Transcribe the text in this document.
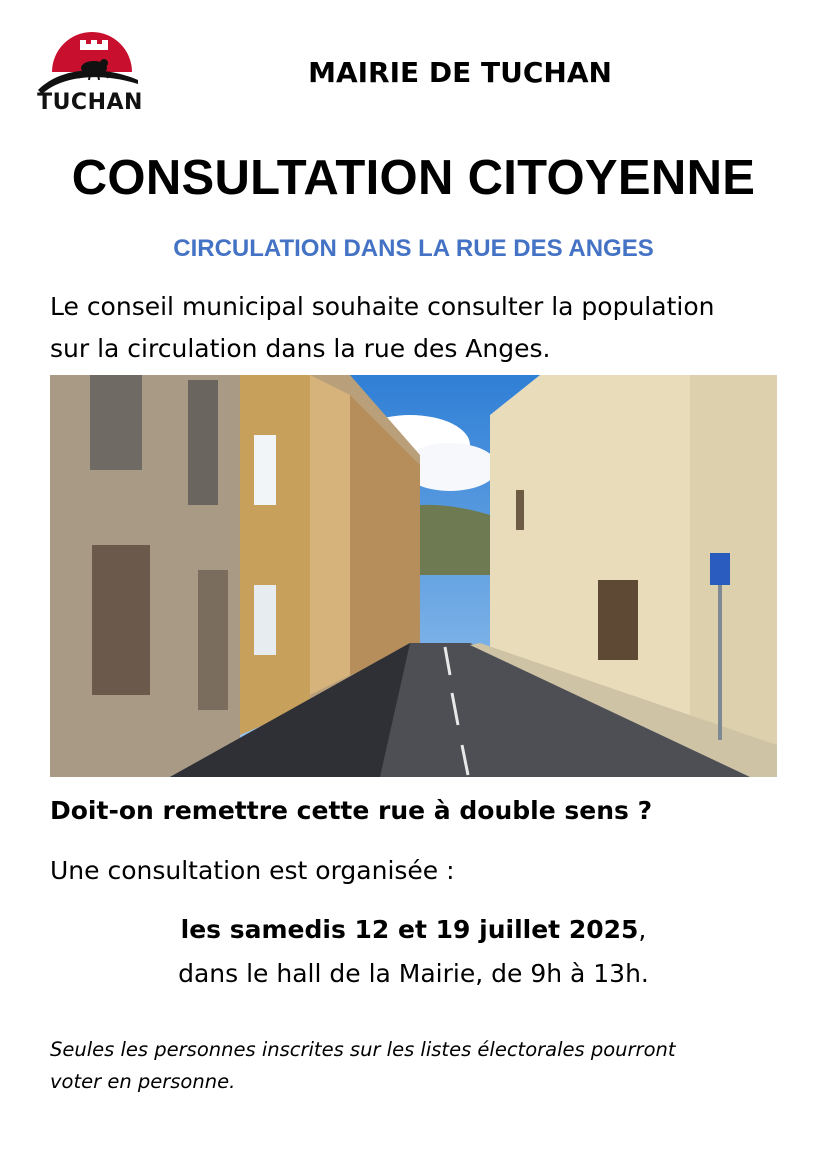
TUCHAN
MAIRIE DE TUCHAN
CONSULTATION CITOYENNE
CIRCULATION DANS LA RUE DES ANGES
Le conseil municipal souhaite consulter la population
sur la circulation dans la rue des Anges.
Doit-on remettre cette rue à double sens ?
Une consultation est organisée :
les samedis 12 et 19 juillet 2025,
dans le hall de la Mairie, de 9h à 13h.
Seules les personnes inscrites sur les listes électorales pourront
voter en personne.
